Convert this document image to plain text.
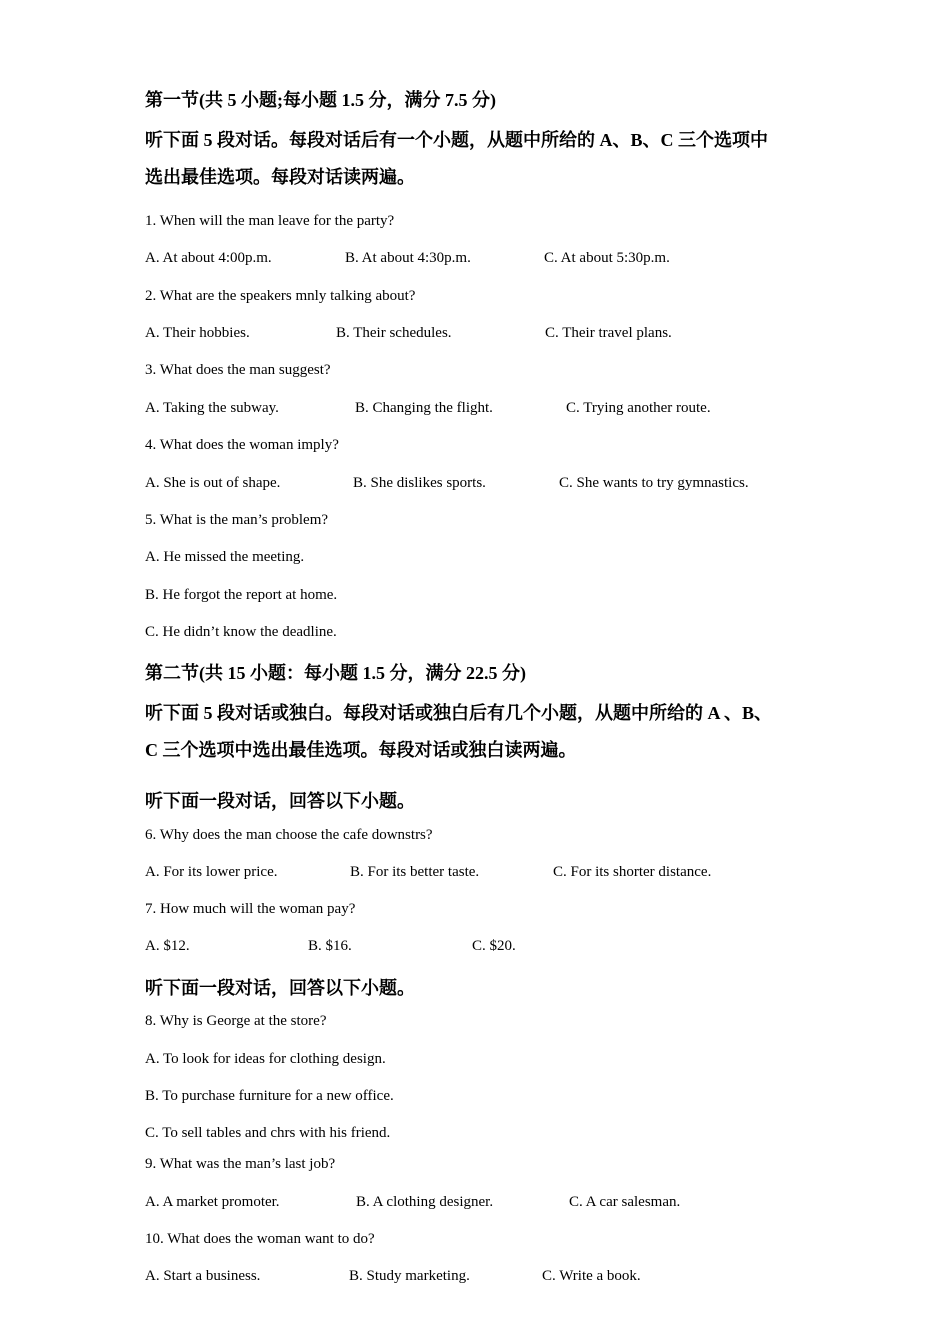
第一节(共 5 小题;每小题 1.5 分，满分 7.5 分)
听下面 5 段对话。每段对话后有一个小题，从题中所给的 A、B、C 三个选项中
选出最佳选项。每段对话读两遍。
1. When will the man leave for the party?
A. At about 4:00p.m.	B. At about 4:30p.m.	C. At about 5:30p.m.
2. What are the speakers mnly talking about?
A. Their hobbies.	B. Their schedules.	C. Their travel plans.
3. What does the man suggest?
A. Taking the subway.	B. Changing the flight.	C. Trying another route.
4. What does the woman imply?
A. She is out of shape.	B. She dislikes sports.	C. She wants to try gymnastics.
5. What is the man’s problem?
A. He missed the meeting.
B. He forgot the report at home.
C. He didn’t know the deadline.
第二节(共 15 小题：每小题 1.5 分，满分 22.5 分)
听下面 5 段对话或独白。每段对话或独白后有几个小题，从题中所给的 A 、B、
C 三个选项中选出最佳选项。每段对话或独白读两遍。
听下面一段对话，回答以下小题。
6. Why does the man choose the cafe downstrs?
A. For its lower price.	B. For its better taste.	C. For its shorter distance.
7. How much will the woman pay?
A. $12.	B. $16.	C. $20.
听下面一段对话，回答以下小题。
8. Why is George at the store?
A. To look for ideas for clothing design.
B. To purchase furniture for a new office.
C. To sell tables and chrs with his friend.
9. What was the man’s last job?
A. A market promoter.	B. A clothing designer.	C. A car salesman.
10. What does the woman want to do?
A. Start a business.	B. Study marketing.	C. Write a book.
